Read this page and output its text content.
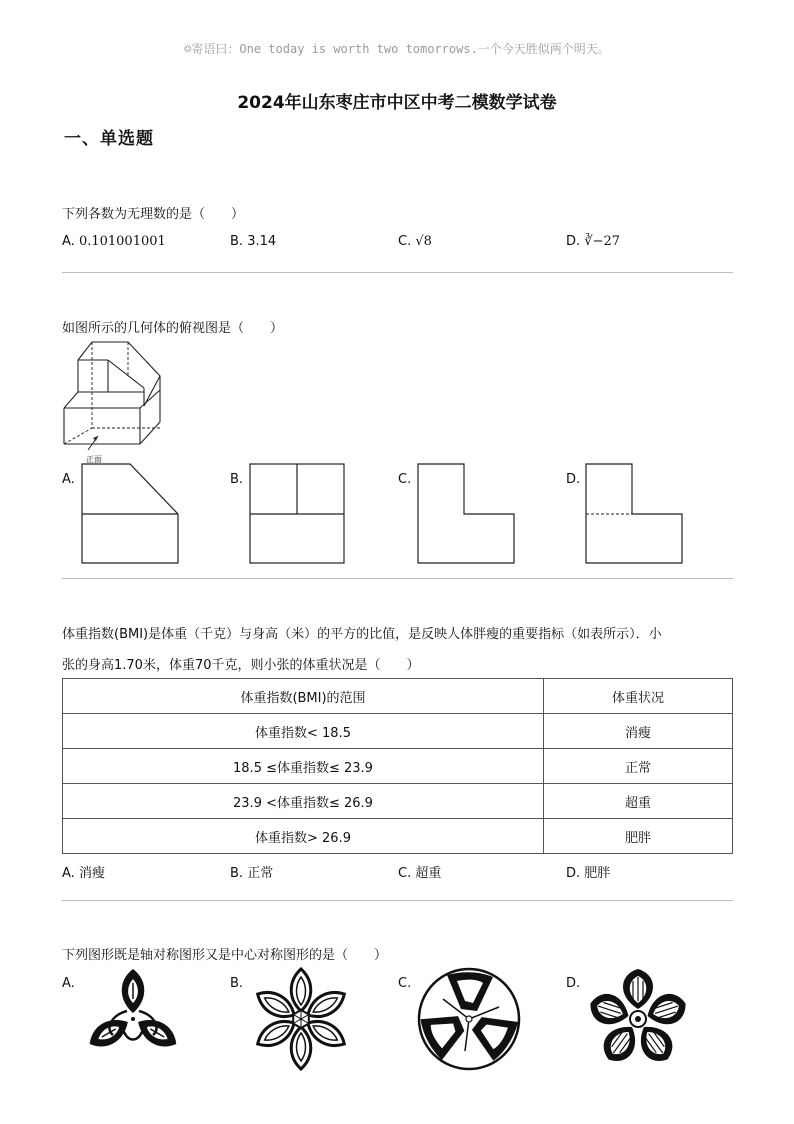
☺寄语曰：One today is worth two tomorrows.一个今天胜似两个明天。
2024年山东枣庄市中区中考二模数学试卷
一、单选题
下列各数为无理数的是（　　）
A. 0.101001001	B. 3.14	C. √8	D. ∛−27
如图所示的几何体的俯视图是（　　）
正面
A.	B.	C.	D.
体重指数(BMI)是体重（千克）与身高（米）的平方的比值，是反映人体胖瘦的重要指标（如表所示）．小
张的身高1.70米，体重70千克，则小张的体重状况是（　　）
体重指数(BMI)的范围	体重状况
体重指数< 18.5	消瘦
18.5 ≤体重指数≤ 23.9	正常
23.9 <体重指数≤ 26.9	超重
体重指数> 26.9	肥胖
A. 消瘦	B. 正常	C. 超重	D. 肥胖
下列图形既是轴对称图形又是中心对称图形的是（　　）
A.	B.	C.	D.
